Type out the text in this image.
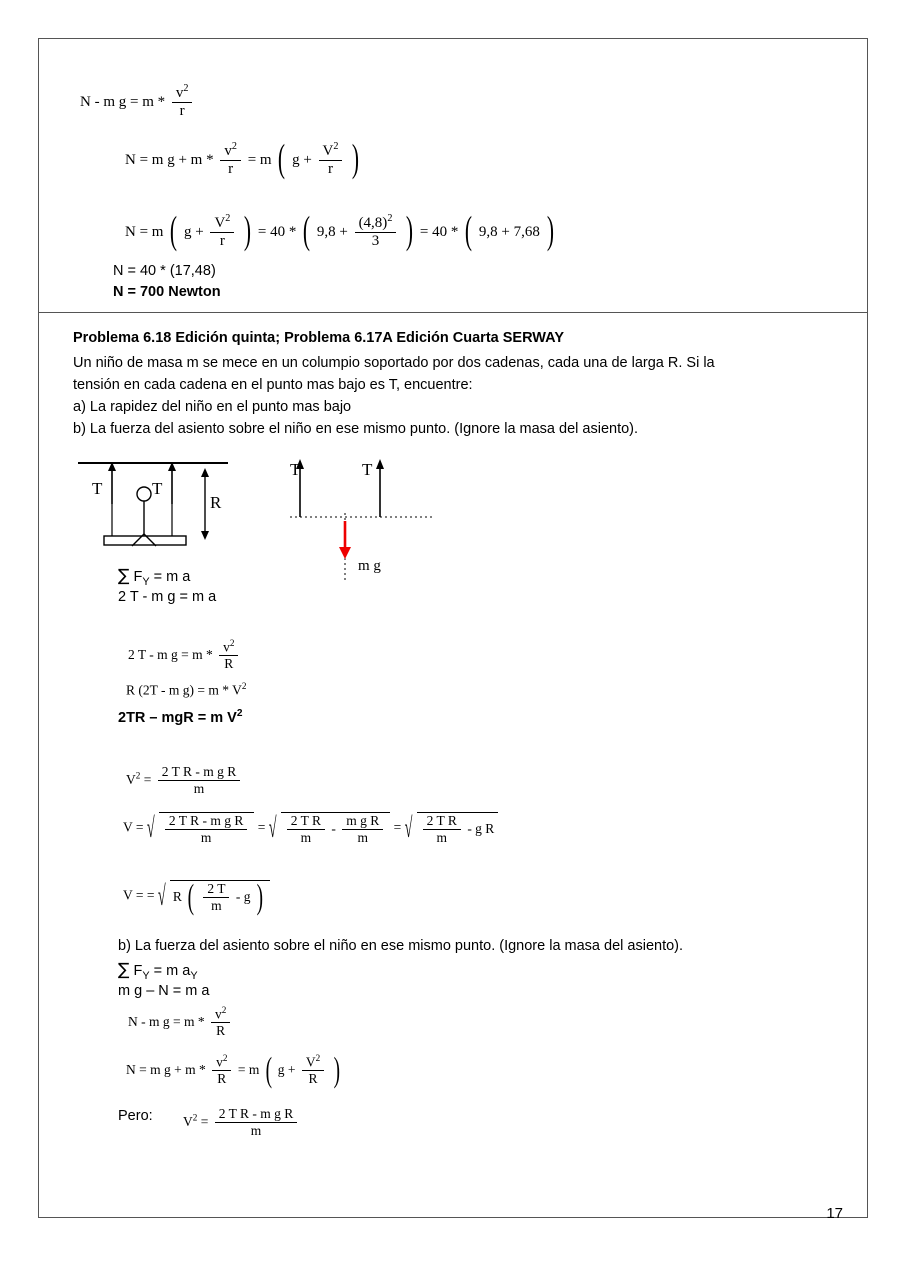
N - m $g = m * \frac{v^2}{r}$
N = m $g + m * \frac{v^2}{r} = m$ ( $g + \frac{V^2}{r}$ )
N = m ( $g + \frac{V^2}{r}$ ) = 40 * ( $9,8 + \frac{(4,8)^2}{3}$ ) = 40 * ( 9,8 + 7,68 )
N = 40 * (17,48)
N = 700 Newton
Problema 6.18 Edición quinta; Problema 6.17A Edición Cuarta SERWAY
Un niño de masa m se mece en un columpio soportado por dos cadenas, cada una de larga R. Si la
tensión en cada cadena en el punto mas bajo es T, encuentre:
a) La rapidez del niño en el punto mas bajo
b) La fuerza del asiento sobre el niño en ese mismo punto. (Ignore la masa del asiento).
T	T
R
T	T
m g
∑ $F_Y = m$ a
2 T - m g = m a
2 T - m $g = m * \frac{v^2}{R}$
R (2T - m $g) = m * V^2$
2TR – mgR = m $V^2$
$V^2 = \frac{\text{2 T R - m g R}}{m}$
V = √ $\frac{\text{2 T R - m g R}}{m}$ = √ $\frac{\text{2 T R}}{m} - \frac{\text{m g R}}{m}$ = √ $\frac{\text{2 T R}}{m}$ - g R
V = = √ R ( $\frac{2 T}{m}$ - g )
b) La fuerza del asiento sobre el niño en ese mismo punto. (Ignore la masa del asiento).
∑ $F_Y = m$ $a_Y$
m g – N = m a
N - m $g = m * \frac{v^2}{R}$
N = m $g + m * \frac{v^2}{R} = m$ ( $g + \frac{V^2}{R}$ )
Pero: $V^2 = \frac{\text{2 T R - m g R}}{m}$
17
